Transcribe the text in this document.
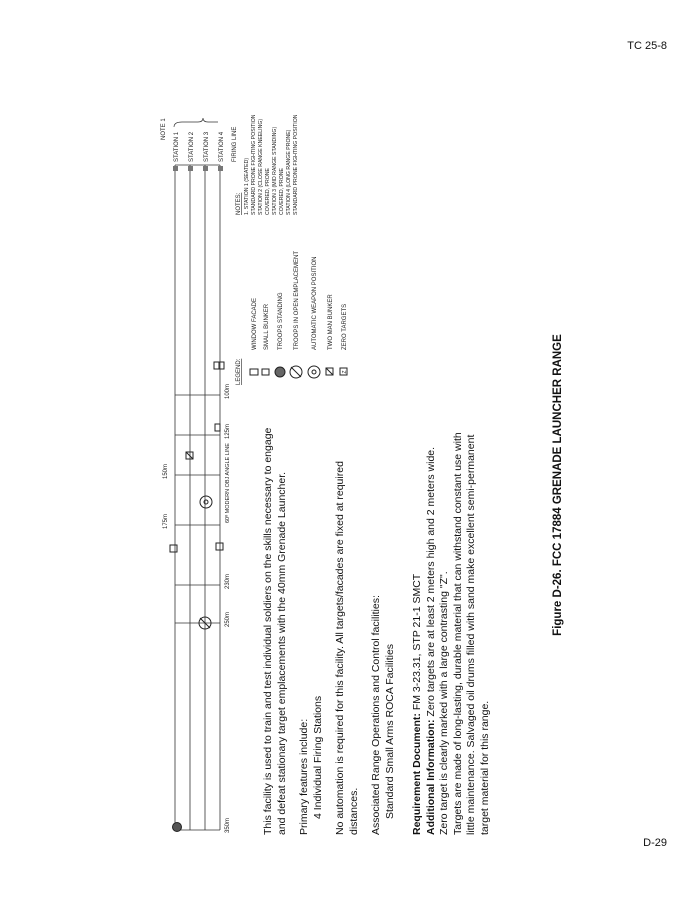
TC 25-8
D-29
STATION 1 STATION 2 STATION 3 STATION 4 FIRING LINE
NOTE 1
350m
250m
230m
175m
150m
125m
100m
60º MODERN OBJ ANGLE LINE
LEGEND:
WINDOW FACADE SMALL BUNKER TROOPS STANDING TROOPS IN OPEN EMPLACEMENT AUTOMATIC WEAPON POSITION TWO MAN BUNKER
Z
ZERO TARGETS
NOTES: 1. STATION 1 (SEATED) STANDARD PRONE FIGHTING POSITION STATION 2 (CLOSE RANGE KNEELING) COVERED, PRONE STATION 3 (MID RANGE STANDING) COVERED, PRONE STATION 4 (LONG RANGE PRONE) STANDARD PRONE FIGHTING POSITION

This facility is used to train and test individual soldiers on the skills necessary to engage and defeat stationary target emplacements with the 40mm Grenade Launcher. Primary features include: 4 Individual Firing Stations No automation is required for this facility. All targets/facades are fixed at required distances. Associated Range Operations and Control facilities: Standard Small Arms ROCA Facilities Requirement Document: FM 3-23.31, STP 21-1 SMCT
Additional Information: Zero targets are at least 2 meters high and 2 meters wide. Zero target is clearly marked with a large contrasting "Z". Targets are made of long-lasting, durable material that can withstand constant use with little maintenance. Salvaged oil drums filled with sand make excellent semi-permanent target material for this range.

Figure D-26. FCC 17884 GRENADE LAUNCHER RANGE
